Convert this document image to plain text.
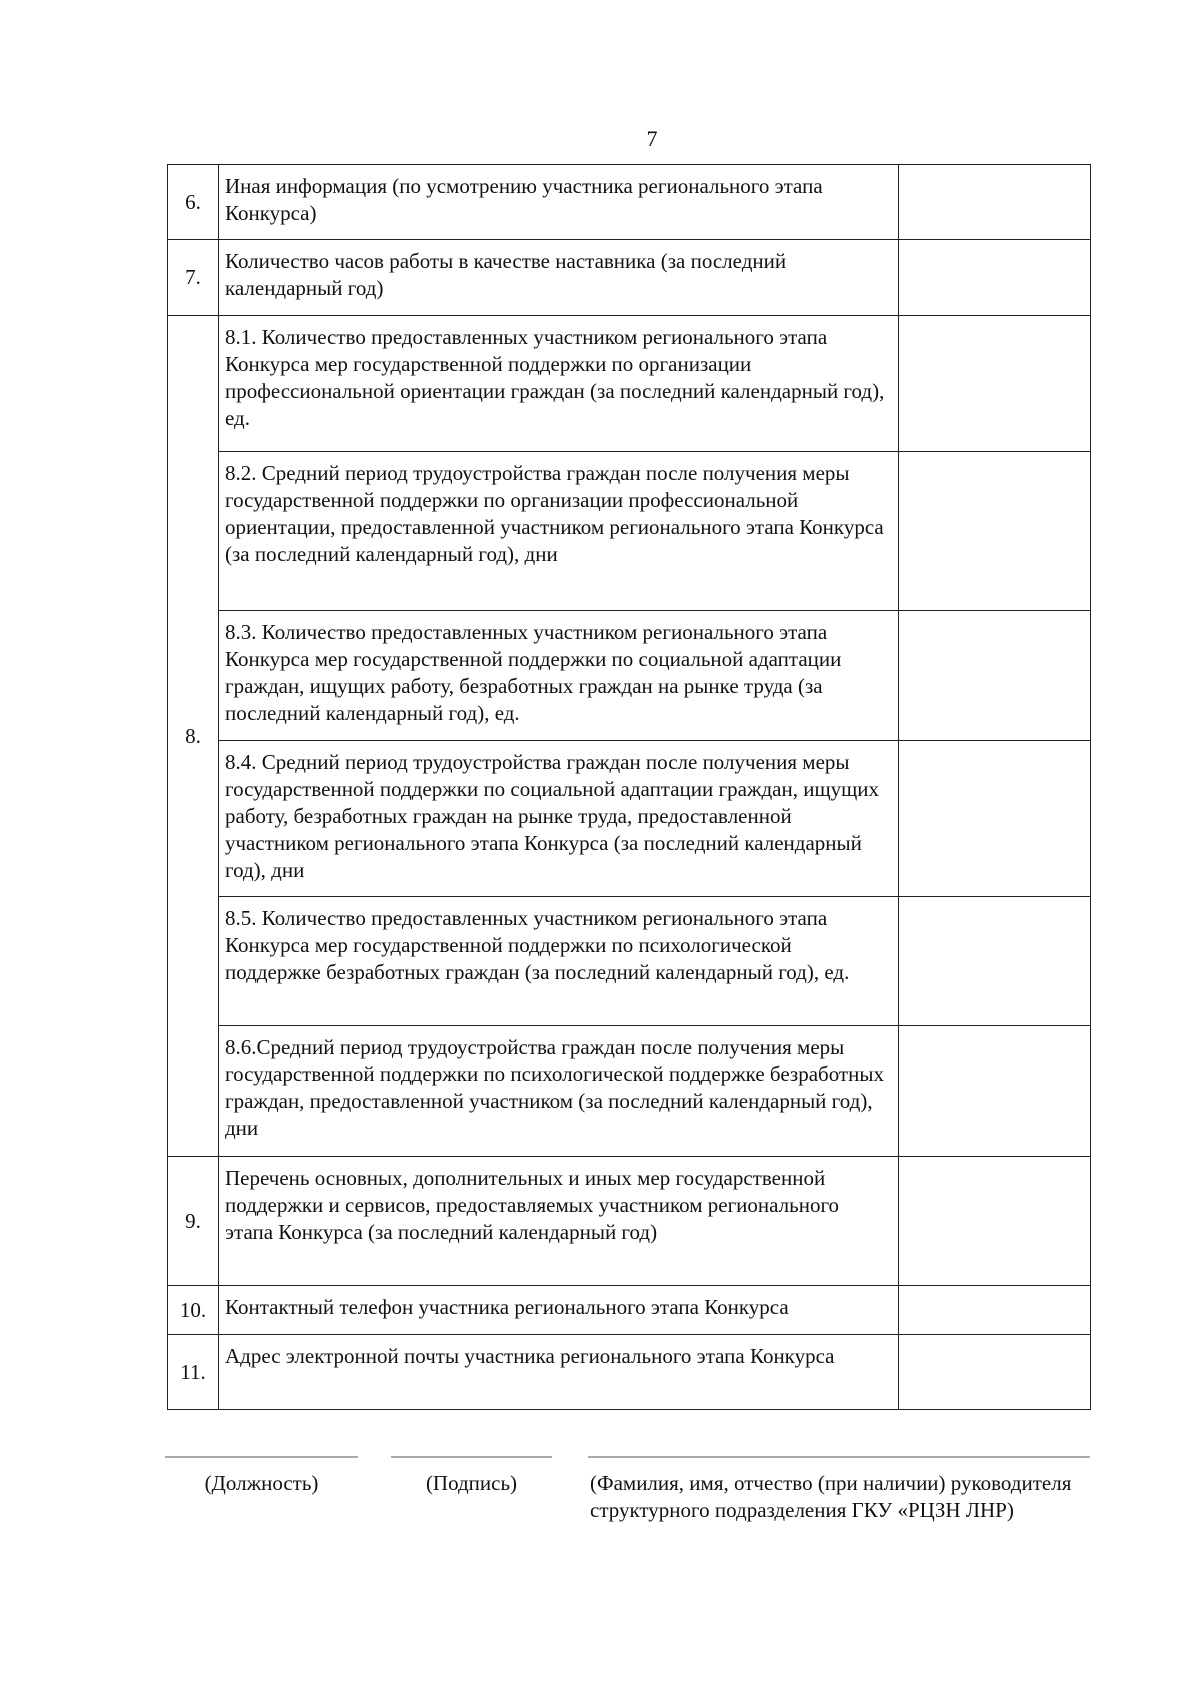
7
6.	Иная информация (по усмотрению участника регионального этапа Конкурса)	
7.	Количество часов работы в качестве наставника (за последний календарный год)	
8.	8.1. Количество предоставленных участником регионального этапа Конкурса мер государственной поддержки по организации профессиональной ориентации граждан (за последний календарный год), ед.	
	8.2. Средний период трудоустройства граждан после получения меры государственной поддержки по организации профессиональной ориентации, предоставленной участником регионального этапа Конкурса (за последний календарный год), дни	
	8.3. Количество предоставленных участником регионального этапа Конкурса мер государственной поддержки по социальной адаптации граждан, ищущих работу, безработных граждан на рынке труда (за последний календарный год), ед.	
	8.4. Средний период трудоустройства граждан после получения меры государственной поддержки по социальной адаптации граждан, ищущих работу, безработных граждан на рынке труда, предоставленной участником регионального этапа Конкурса (за последний календарный год), дни	
	8.5. Количество предоставленных участником регионального этапа Конкурса мер государственной поддержки по психологической поддержке безработных граждан (за последний календарный год), ед.	
	8.6.Средний период трудоустройства граждан после получения меры государственной поддержки по психологической поддержке безработных граждан, предоставленной участником (за последний календарный год), дни	
9.	Перечень основных, дополнительных и иных мер государственной поддержки и сервисов, предоставляемых участником регионального этапа Конкурса (за последний календарный год)	
10.	Контактный телефон участника регионального этапа Конкурса	
11.	Адрес электронной почты участника регионального этапа Конкурса	
(Должность)	(Подпись)	(Фамилия, имя, отчество (при наличии) руководителя структурного подразделения ГКУ «РЦЗН ЛНР)
